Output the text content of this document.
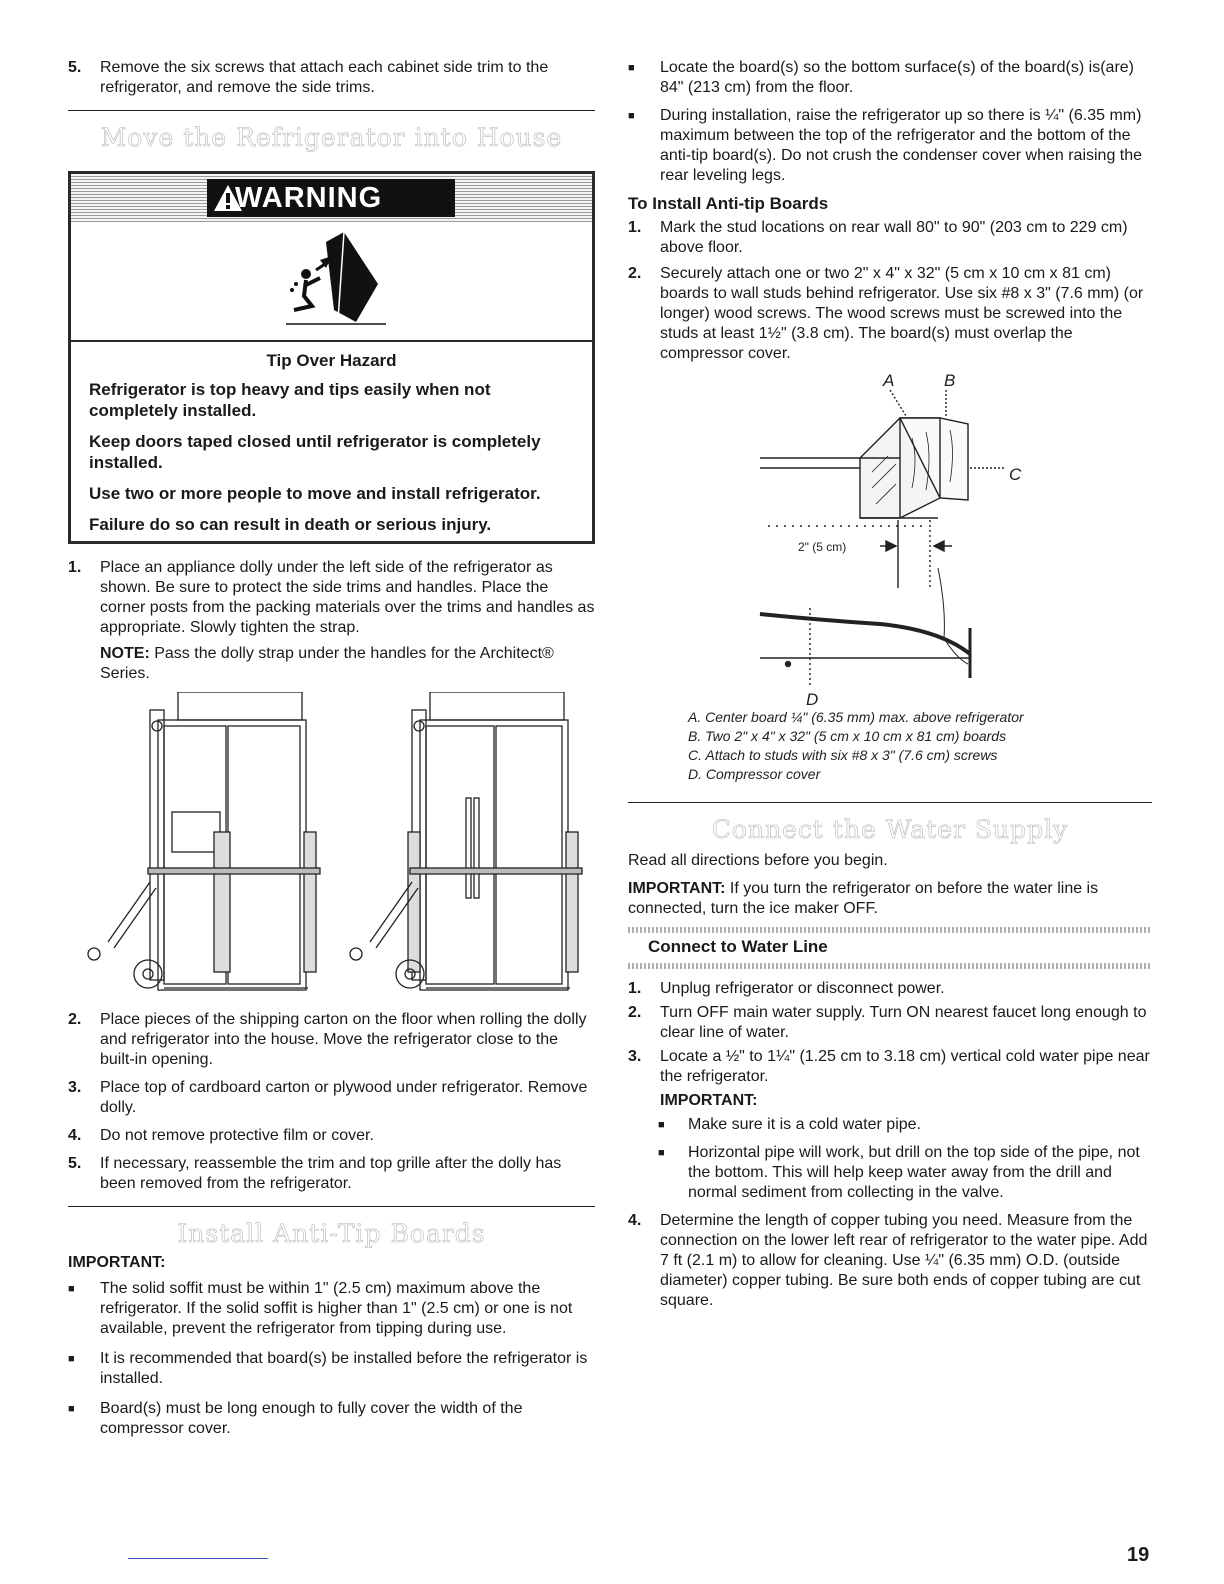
5. Remove the six screws that attach each cabinet side trim to the refrigerator, and remove the side trims.
Move the Refrigerator into House
WARNING
Tip Over Hazard

Refrigerator is top heavy and tips easily when not completely installed.

Keep doors taped closed until refrigerator is completely installed.

Use two or more people to move and install refrigerator.

Failure do so can result in death or serious injury.

1. Place an appliance dolly under the left side of the refrigerator as shown. Be sure to protect the side trims and handles. Place the corner posts from the packing materials over the trims and handles as appropriate. Slowly tighten the strap.
NOTE: Pass the dolly strap under the handles for the Architect® Series.
2. Place pieces of the shipping carton on the floor when rolling the dolly and refrigerator into the house. Move the refrigerator close to the built-in opening.
3. Place top of cardboard carton or plywood under refrigerator. Remove dolly.
4. Do not remove protective film or cover.
5. If necessary, reassemble the trim and top grille after the dolly has been removed from the refrigerator.
Install Anti-Tip Boards
IMPORTANT:
■ The solid soffit must be within 1" (2.5 cm) maximum above the refrigerator. If the solid soffit is higher than 1" (2.5 cm) or one is not available, prevent the refrigerator from tipping during use.
■ It is recommended that board(s) be installed before the refrigerator is installed.
■ Board(s) must be long enough to fully cover the width of the compressor cover.
■ Locate the board(s) so the bottom surface(s) of the board(s) is(are) 84" (213 cm) from the floor.
■ During installation, raise the refrigerator up so there is ¼" (6.35 mm) maximum between the top of the refrigerator and the bottom of the anti-tip board(s). Do not crush the condenser cover when raising the rear leveling legs.
To Install Anti-tip Boards
1. Mark the stud locations on rear wall 80" to 90" (203 cm to 229 cm) above floor.
2. Securely attach one or two 2" x 4" x 32" (5 cm x 10 cm x 81 cm) boards to wall studs behind refrigerator. Use six #8 x 3" (7.6 mm) (or longer) wood screws. The wood screws must be screwed into the studs at least 1½" (3.8 cm). The board(s) must overlap the compressor cover.
A	B
C
D
2" (5 cm)
A. Center board ¼" (6.35 mm) max. above refrigerator
B. Two 2" x 4" x 32" (5 cm x 10 cm x 81 cm) boards
C. Attach to studs with six #8 x 3" (7.6 cm) screws
D. Compressor cover
Connect the Water Supply

Read all directions before you begin.

IMPORTANT: If you turn the refrigerator on before the water line is connected, turn the ice maker OFF.

Connect to Water Line
1. Unplug refrigerator or disconnect power.
2. Turn OFF main water supply. Turn ON nearest faucet long enough to clear line of water.
3. Locate a ½" to 1¼" (1.25 cm to 3.18 cm) vertical cold water pipe near the refrigerator.
IMPORTANT:
■ Make sure it is a cold water pipe.
■ Horizontal pipe will work, but drill on the top side of the pipe, not the bottom. This will help keep water away from the drill and normal sediment from collecting in the valve.
4. Determine the length of copper tubing you need. Measure from the connection on the lower left rear of refrigerator to the water pipe. Add 7 ft (2.1 m) to allow for cleaning. Use ¼" (6.35 mm) O.D. (outside diameter) copper tubing. Be sure both ends of copper tubing are cut square.
19
